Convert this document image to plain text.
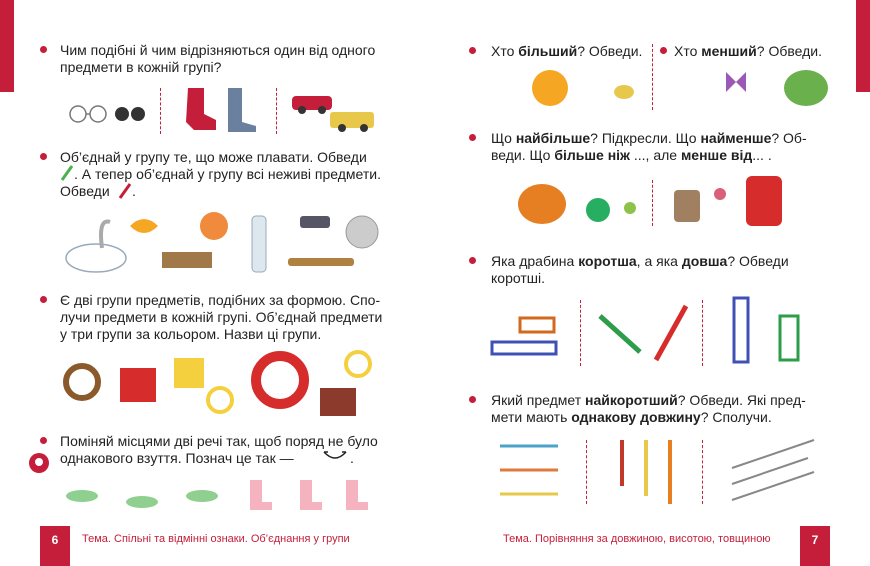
Чим подібні й чим відрізняються один від одного
предмети в кожній групі?
Об’єднай у групу те, що може плавати. Обведи
. А тепер об’єднай у групу всі неживі предмети.
Обведи .
Є дві групи предметів, подібних за формою. Спо-
лучи предмети в кожній групі. Об’єднай предмети
у три групи за кольором. Назви ці групи.
Поміняй місцями дві речі так, щоб поряд не було
однакового взуття. Познач це так —	.
6	Тема. Спільні та відмінні ознаки. Об’єднання у групи
Хто більший? Обведи. Хто менший? Обведи.
Що найбільше? Підкресли. Що найменше? Об-
веди. Що більше ніж ..., але менше від... .
Яка драбина коротша, а яка довша? Обведи
коротші.
Який предмет найкоротший? Обведи. Які пред-
мети мають однакову довжину? Сполучи.
Тема. Порівняння за довжиною, висотою, товщиною	7
